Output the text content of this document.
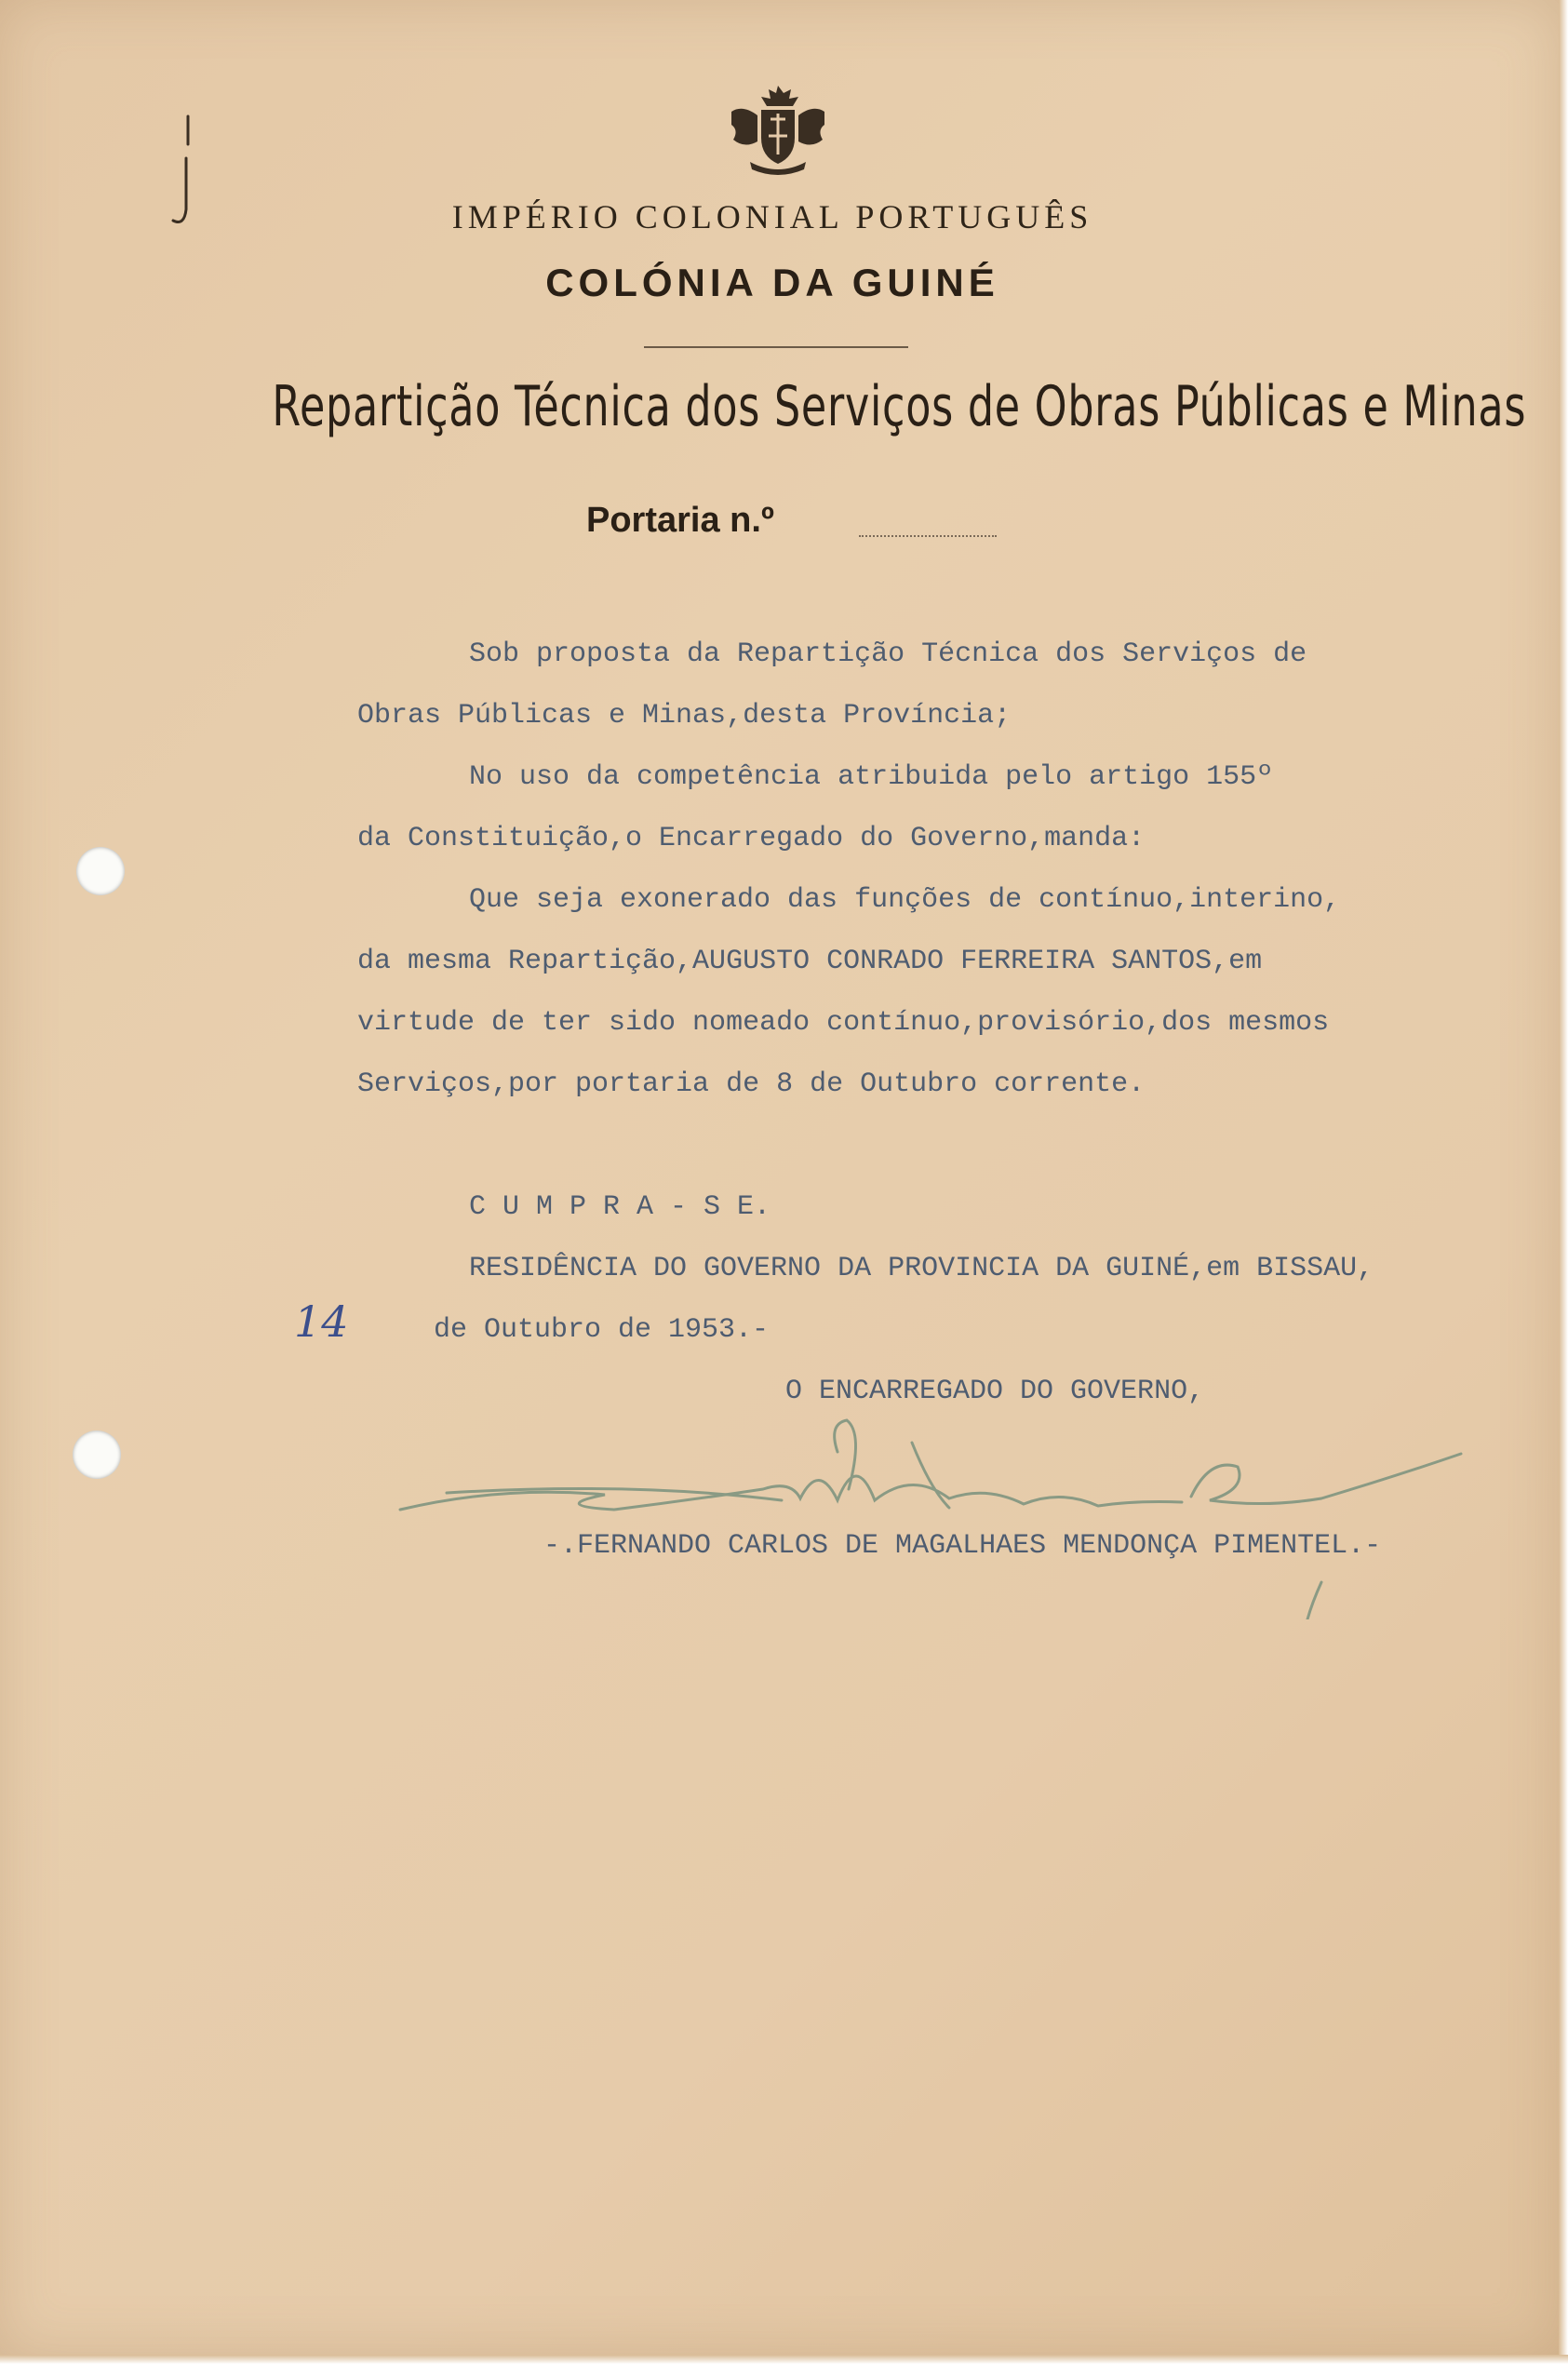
IMPÉRIO COLONIAL PORTUGUÊS
COLÓNIA DA GUINÉ
Repartição Técnica dos Serviços de Obras Públicas e Minas
Portaria n.º
Sob proposta da Repartição Técnica dos Serviços de
Obras Públicas e Minas,desta Província;
No uso da competência atribuida pelo artigo 155º
da Constituição,o Encarregado do Governo,manda:
Que seja exonerado das funções de contínuo,interino,
da mesma Repartição,AUGUSTO CONRADO FERREIRA SANTOS,em
virtude de ter sido nomeado contínuo,provisório,dos mesmos
Serviços,por portaria de 8 de Outubro corrente.
C U M P R A - S E.
RESIDÊNCIA DO GOVERNO DA PROVINCIA DA GUINÉ,em BISSAU,
14	de Outubro de 1953.-
O ENCARREGADO DO GOVERNO,
-.FERNANDO CARLOS DE MAGALHAES MENDONÇA PIMENTEL.-
